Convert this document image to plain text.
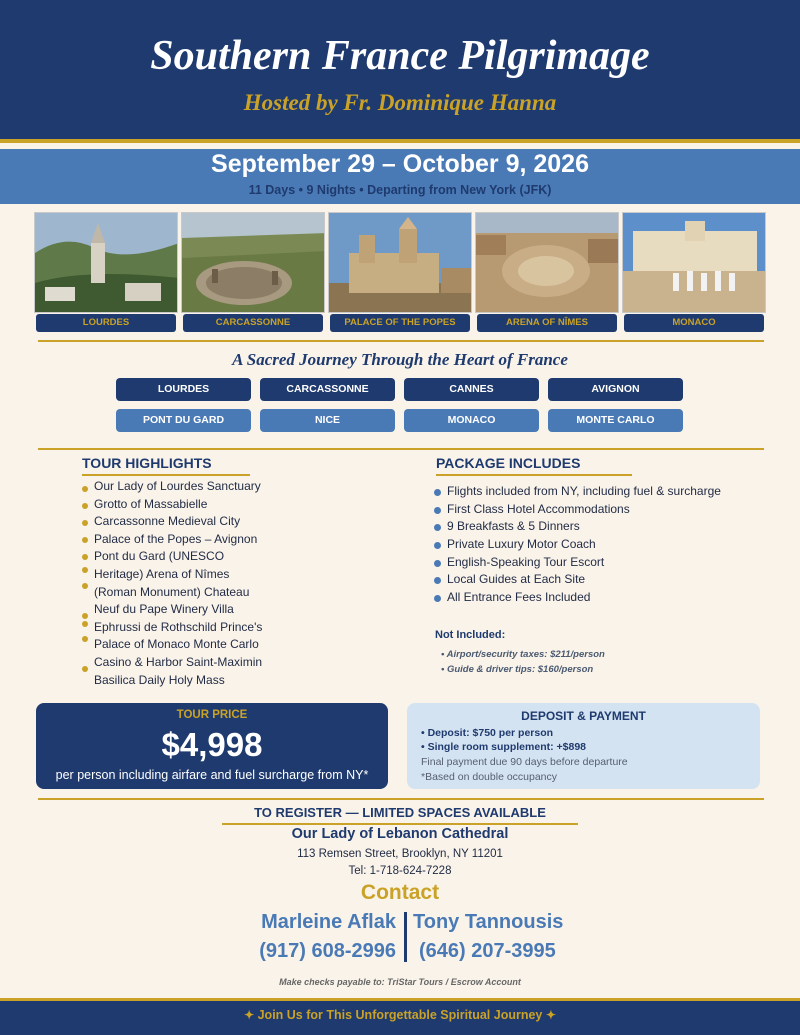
Southern France Pilgrimage
Hosted by Fr. Dominique Hanna
September 29 – October 9, 2026
11 Days • 9 Nights • Departing from New York (JFK)
LOURDES	CARCASSONNE	PALACE OF THE POPES	ARENA OF NÎMES	MONACO
A Sacred Journey Through the Heart of France
LOURDES	CARCASSONNE	CANNES	AVIGNON
PONT DU GARD	NICE	MONACO	MONTE CARLO
TOUR HIGHLIGHTS
Our Lady of Lourdes Sanctuary
Grotto of Massabielle
Carcassonne Medieval City
Palace of the Popes – Avignon
Pont du Gard (UNESCO
Heritage) Arena of Nîmes
(Roman Monument) Chateau
Neuf du Pape Winery Villa
Ephrussi de Rothschild Prince's
Palace of Monaco Monte Carlo
Casino & Harbor Saint-Maximin
Basilica Daily Holy Mass
PACKAGE INCLUDES
Flights included from NY, including fuel & surcharge
First Class Hotel Accommodations
9 Breakfasts & 5 Dinners
Private Luxury Motor Coach
English-Speaking Tour Escort
Local Guides at Each Site
All Entrance Fees Included
Not Included:
• Airport/security taxes: $211/person
• Guide & driver tips: $160/person
TOUR PRICE
$4,998
per person including airfare and fuel surcharge from NY*
DEPOSIT & PAYMENT
• Deposit: $750 per person
• Single room supplement: +$898
Final payment due 90 days before departure
*Based on double occupancy
TO REGISTER — LIMITED SPACES AVAILABLE
Our Lady of Lebanon Cathedral
113 Remsen Street, Brooklyn, NY 11201
Tel: 1-718-624-7228
Contact
Marleine Aflak
(917) 608-2996
Tony Tannousis
(646) 207-3995
Make checks payable to: TriStar Tours / Escrow Account
✦ Join Us for This Unforgettable Spiritual Journey ✦
